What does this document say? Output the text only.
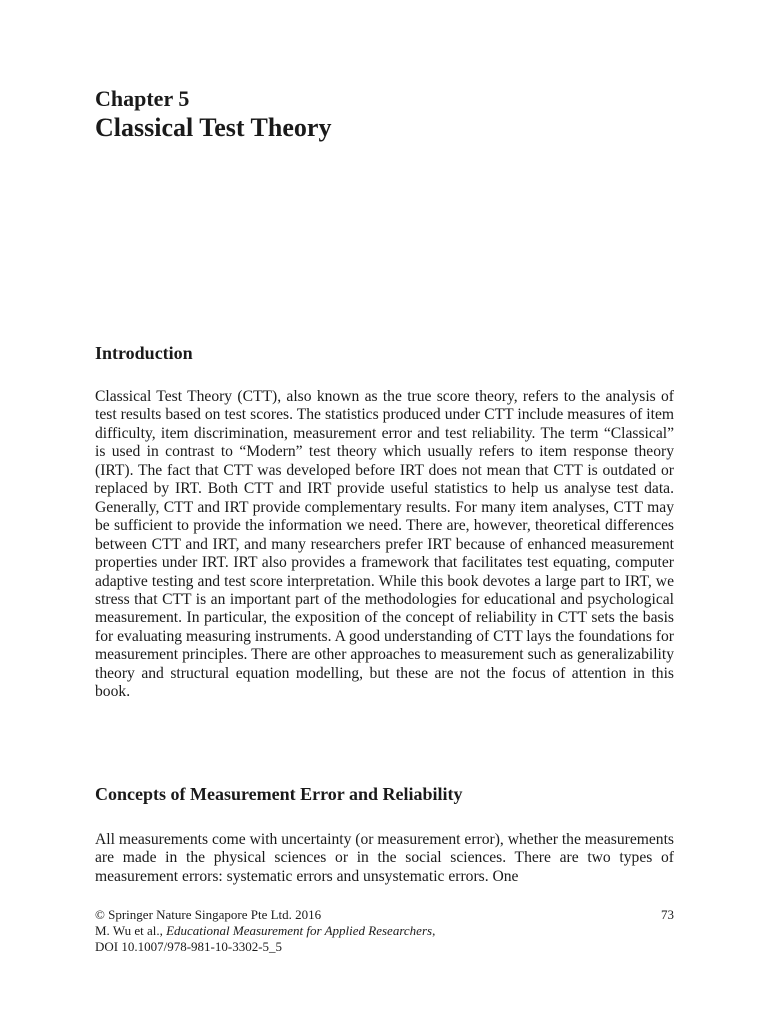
Chapter 5
Classical Test Theory
Introduction

Classical Test Theory (CTT), also known as the true score theory, refers to the analysis of test results based on test scores. The statistics produced under CTT include measures of item difficulty, item discrimination, measurement error and test reliability. The term “Classical” is used in contrast to “Modern” test theory which usually refers to item response theory (IRT). The fact that CTT was developed before IRT does not mean that CTT is outdated or replaced by IRT. Both CTT and IRT provide useful statistics to help us analyse test data. Generally, CTT and IRT provide complementary results. For many item analyses, CTT may be sufficient to provide the information we need. There are, however, theoretical differences between CTT and IRT, and many researchers prefer IRT because of enhanced measurement properties under IRT. IRT also provides a framework that facilitates test equating, computer adaptive testing and test score interpretation. While this book devotes a large part to IRT, we stress that CTT is an important part of the methodologies for educational and psychological measurement. In particular, the exposition of the concept of reliability in CTT sets the basis for evaluating measuring instruments. A good understanding of CTT lays the foundations for measurement principles. There are other approaches to measurement such as generalizability theory and structural equation modelling, but these are not the focus of attention in this book.

Concepts of Measurement Error and Reliability

All measurements come with uncertainty (or measurement error), whether the measurements are made in the physical sciences or in the social sciences. There are two types of measurement errors: systematic errors and unsystematic errors. One

© Springer Nature Singapore Pte Ltd. 2016
M. Wu et al., Educational Measurement for Applied Researchers,
DOI 10.1007/978-981-10-3302-5_5
73
